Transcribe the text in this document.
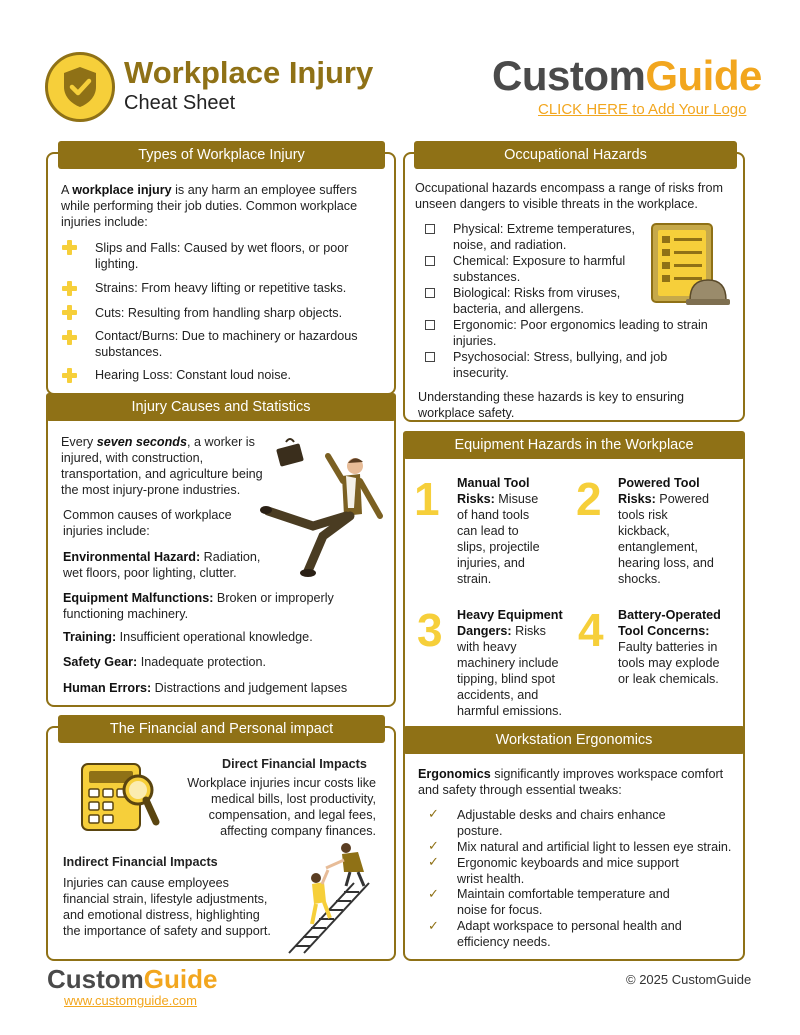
Workplace Injury
Cheat Sheet
CustomGuide
CLICK HERE to Add Your Logo
Types of Workplace Injury
A workplace injury is any harm an employee suffers while performing their job duties. Common workplace injuries include:
Slips and Falls: Caused by wet floors, or poor lighting.
Strains: From heavy lifting or repetitive tasks.
Cuts: Resulting from handling sharp objects.
Contact/Burns: Due to machinery or hazardous substances.
Hearing Loss: Constant loud noise.
Injury Causes and Statistics
Every seven seconds, a worker is injured, with construction, transportation, and agriculture being the most injury-prone industries.
Common causes of workplace injuries include:
Environmental Hazard: Radiation, wet floors, poor lighting, clutter.
Equipment Malfunctions: Broken or improperly functioning machinery.
Training: Insufficient operational knowledge.
Safety Gear: Inadequate protection.
Human Errors: Distractions and judgement lapses
The Financial and Personal impact
Direct Financial Impacts
Workplace injuries incur costs like medical bills, lost productivity, compensation, and legal fees, affecting company finances.
Indirect Financial Impacts
Injuries can cause employees financial strain, lifestyle adjustments, and emotional distress, highlighting the importance of safety and support.
Occupational Hazards
Occupational hazards encompass a range of risks from unseen dangers to visible threats in the workplace.
Physical: Extreme temperatures, noise, and radiation.
Chemical: Exposure to harmful substances.
Biological: Risks from viruses, bacteria, and allergens.
Ergonomic: Poor ergonomics leading to strain injuries.
Psychosocial: Stress, bullying, and job insecurity.
Understanding these hazards is key to ensuring workplace safety.
Equipment Hazards in the Workplace
1 Manual Tool Risks: Misuse of hand tools can lead to slips, projectile injuries, and strain.
2 Powered Tool Risks: Powered tools risk kickback, entanglement, hearing loss, and shocks.
3 Heavy Equipment Dangers: Risks with heavy machinery include tipping, blind spot accidents, and harmful emissions.
4 Battery-Operated Tool Concerns: Faulty batteries in tools may explode or leak chemicals.
Workstation Ergonomics
Ergonomics significantly improves workspace comfort and safety through essential tweaks:
✓ Adjustable desks and chairs enhance posture.
✓ Mix natural and artificial light to lessen eye strain.
✓ Ergonomic keyboards and mice support wrist health.
✓ Maintain comfortable temperature and noise for focus.
✓ Adapt workspace to personal health and efficiency needs.
CustomGuide
www.customguide.com
© 2025 CustomGuide
